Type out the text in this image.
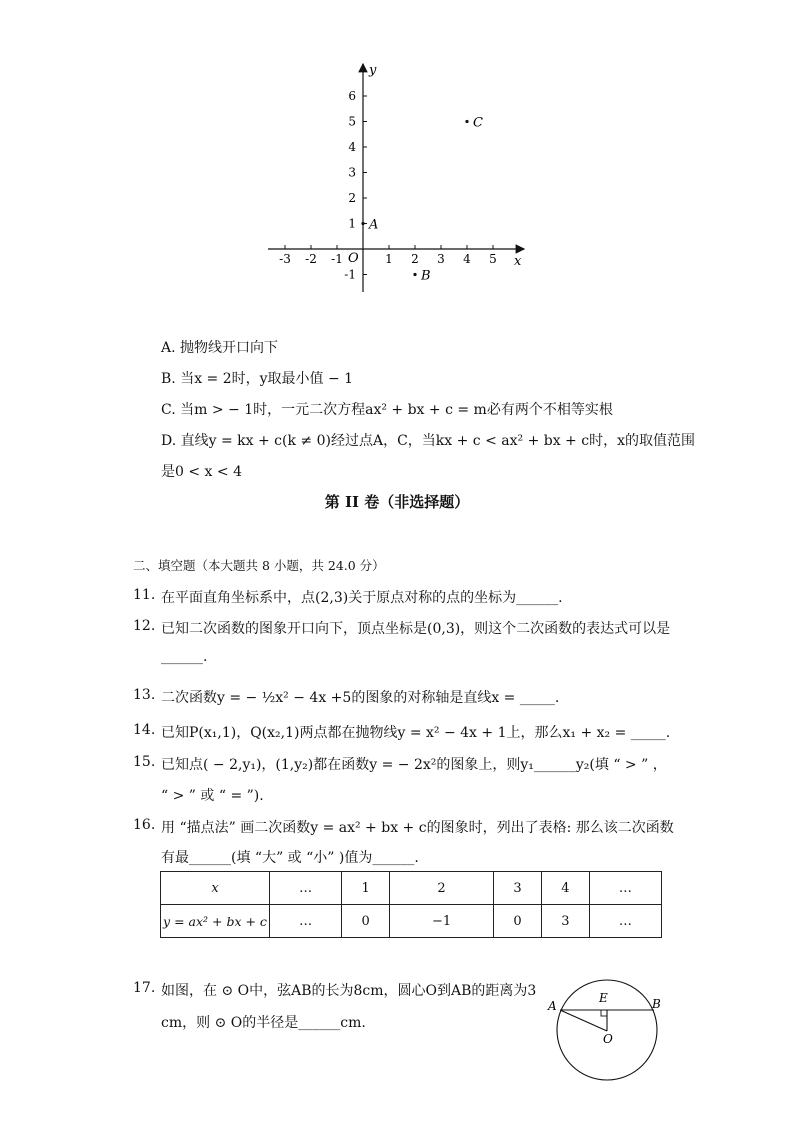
x
y
O
-3 -2 -1	1 2 3 4 5
6
5
4
3
2
1
-1
A
B
C
A. 抛物线开口向下
B. 当x = 2时，y取最小值 − 1
C. 当m > − 1时，一元二次方程ax² + bx + c = m必有两个不相等实根
D. 直线y = kx + c(k ≠ 0)经过点A，C，当kx + c < ax² + bx + c时，x的取值范围
是0 < x < 4
第 II 卷（非选择题）
二、填空题（本大题共 8 小题，共 24.0 分）
11. 在平面直角坐标系中，点(2,3)关于原点对称的点的坐标为______.
12. 已知二次函数的图象开口向下，顶点坐标是(0,3)，则这个二次函数的表达式可以是
______.
13. 二次函数y = − ½x² − 4x +5的图象的对称轴是直线x = _____.
14. 已知P(x₁,1)，Q(x₂,1)两点都在抛物线y = x² − 4x + 1上，那么x₁ + x₂ = _____.
15. 已知点( − 2,y₁)，(1,y₂)都在函数y = − 2x²的图象上，则y₁______y₂(填 “ > ” ，
“ > ” 或 “ = ”).
16. 用 “描点法” 画二次函数y = ax² + bx + c的图象时，列出了表格: 那么该二次函数
有最______(填 “大” 或 “小” )值为______.
x	…	1	2	3	4	…
y = ax² + bx + c	…	0	−1	0	3	…
17. 如图，在 ⊙ O中，弦AB的长为8cm，圆心O到AB的距离为3
cm，则 ⊙ O的半径是______cm.
A
E	B
O
